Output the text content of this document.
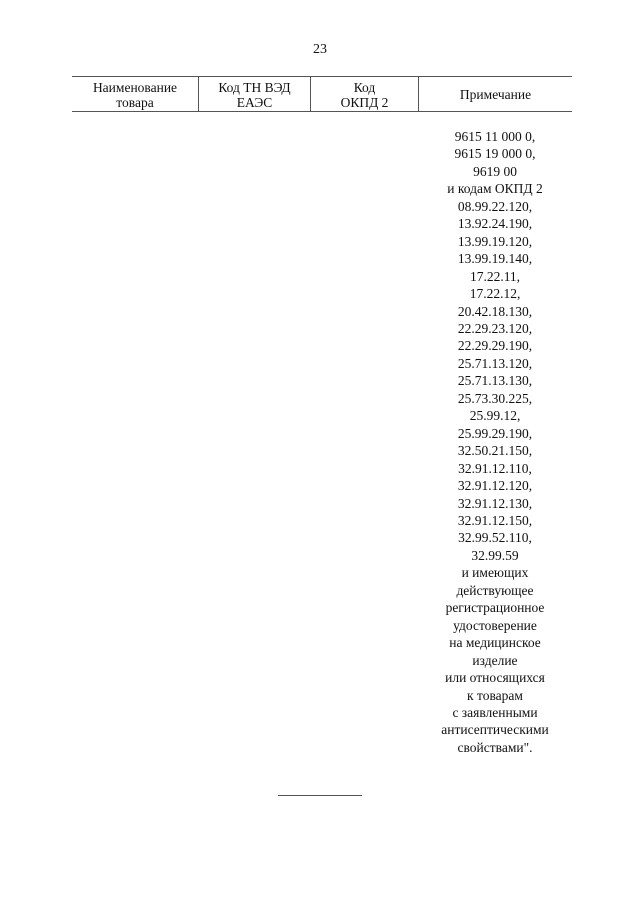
23
Наименование
товара
Код ТН ВЭД
ЕАЭС
Код
ОКПД 2	Примечание
9615 11 000 0,
9615 19 000 0,
9619 00
и кодам ОКПД 2
08.99.22.120,
13.92.24.190,
13.99.19.120,
13.99.19.140,
17.22.11,
17.22.12,
20.42.18.130,
22.29.23.120,
22.29.29.190,
25.71.13.120,
25.71.13.130,
25.73.30.225,
25.99.12,
25.99.29.190,
32.50.21.150,
32.91.12.110,
32.91.12.120,
32.91.12.130,
32.91.12.150,
32.99.52.110,
32.99.59
и имеющих
действующее
регистрационное
удостоверение
на медицинское
изделие
или относящихся
к товарам
с заявленными
антисептическими
свойствами".
